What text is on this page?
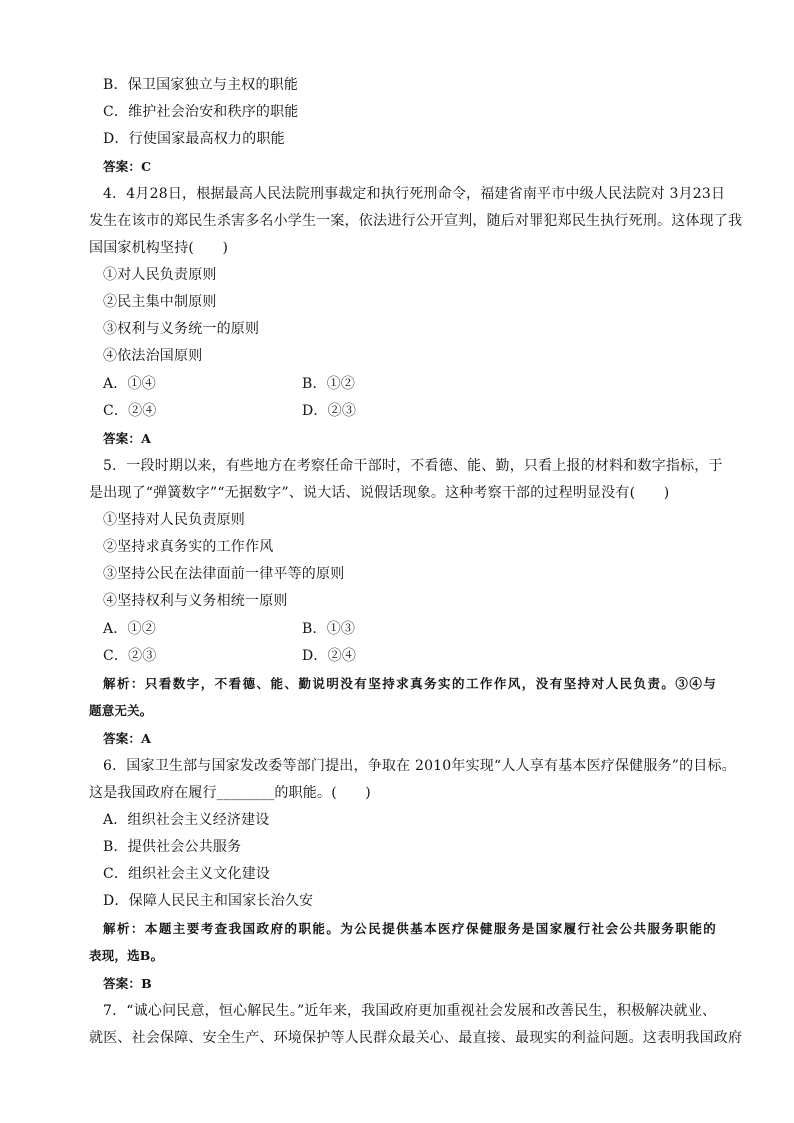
B．保卫国家独立与主权的职能
C．维护社会治安和秩序的职能
D．行使国家最高权力的职能
答案：C
4．4月28日，根据最高人民法院刑事裁定和执行死刑命令，福建省南平市中级人民法院对 3月23日
发生在该市的郑民生杀害多名小学生一案，依法进行公开宣判，随后对罪犯郑民生执行死刑。这体现了我
国国家机构坚持(　　)
①对人民负责原则
②民主集中制原则
③权利与义务统一的原则
④依法治国原则
A．①④	B．①②
C．②④	D．②③
答案：A
5．一段时期以来，有些地方在考察任命干部时，不看德、能、勤，只看上报的材料和数字指标，于
是出现了“弹簧数字”“无据数字”、说大话、说假话现象。这种考察干部的过程明显没有(　　)
①坚持对人民负责原则
②坚持求真务实的工作作风
③坚持公民在法律面前一律平等的原则
④坚持权利与义务相统一原则
A．①②	B．①③
C．②③	D．②④
解析：只看数字，不看德、能、勤说明没有坚持求真务实的工作作风，没有坚持对人民负责。③④与
题意无关。
答案：A
6．国家卫生部与国家发改委等部门提出，争取在 2010年实现“人人享有基本医疗保健服务”的目标。
这是我国政府在履行________的职能。(　　)
A．组织社会主义经济建设
B．提供社会公共服务
C．组织社会主义文化建设
D．保障人民民主和国家长治久安
解析：本题主要考查我国政府的职能。为公民提供基本医疗保健服务是国家履行社会公共服务职能的
表现，选B。
答案：B
7．“诚心问民意，恒心解民生。”近年来，我国政府更加重视社会发展和改善民生，积极解决就业、
就医、社会保障、安全生产、环境保护等人民群众最关心、最直接、最现实的利益问题。这表明我国政府
